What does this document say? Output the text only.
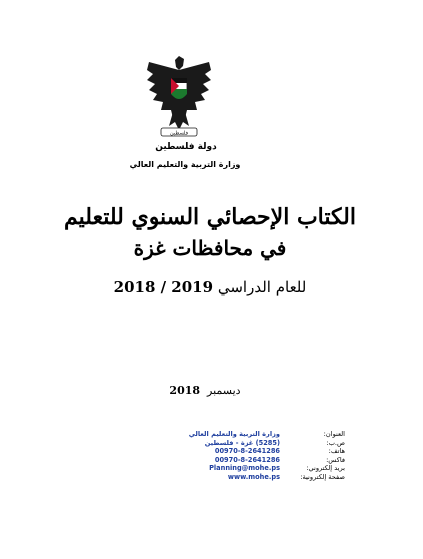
فلسطين
دولة فلسطين
وزارة التربية والتعليم العالي
الكتاب الإحصائي السنوي للتعليم
في محافظات غزة
للعام الدراسي 2018 / 2019
ديسمبر  2018
العنوان:
ص.ب:
هاتف:
فاكس:
بريد إلكتروني:
صفحة إلكترونية:
وزارة التربية والتعليم العالي
(5285) غزة - فلسطين
00970-8-2641286
00970-8-2641286
Planning@mohe.ps
www.mohe.ps
